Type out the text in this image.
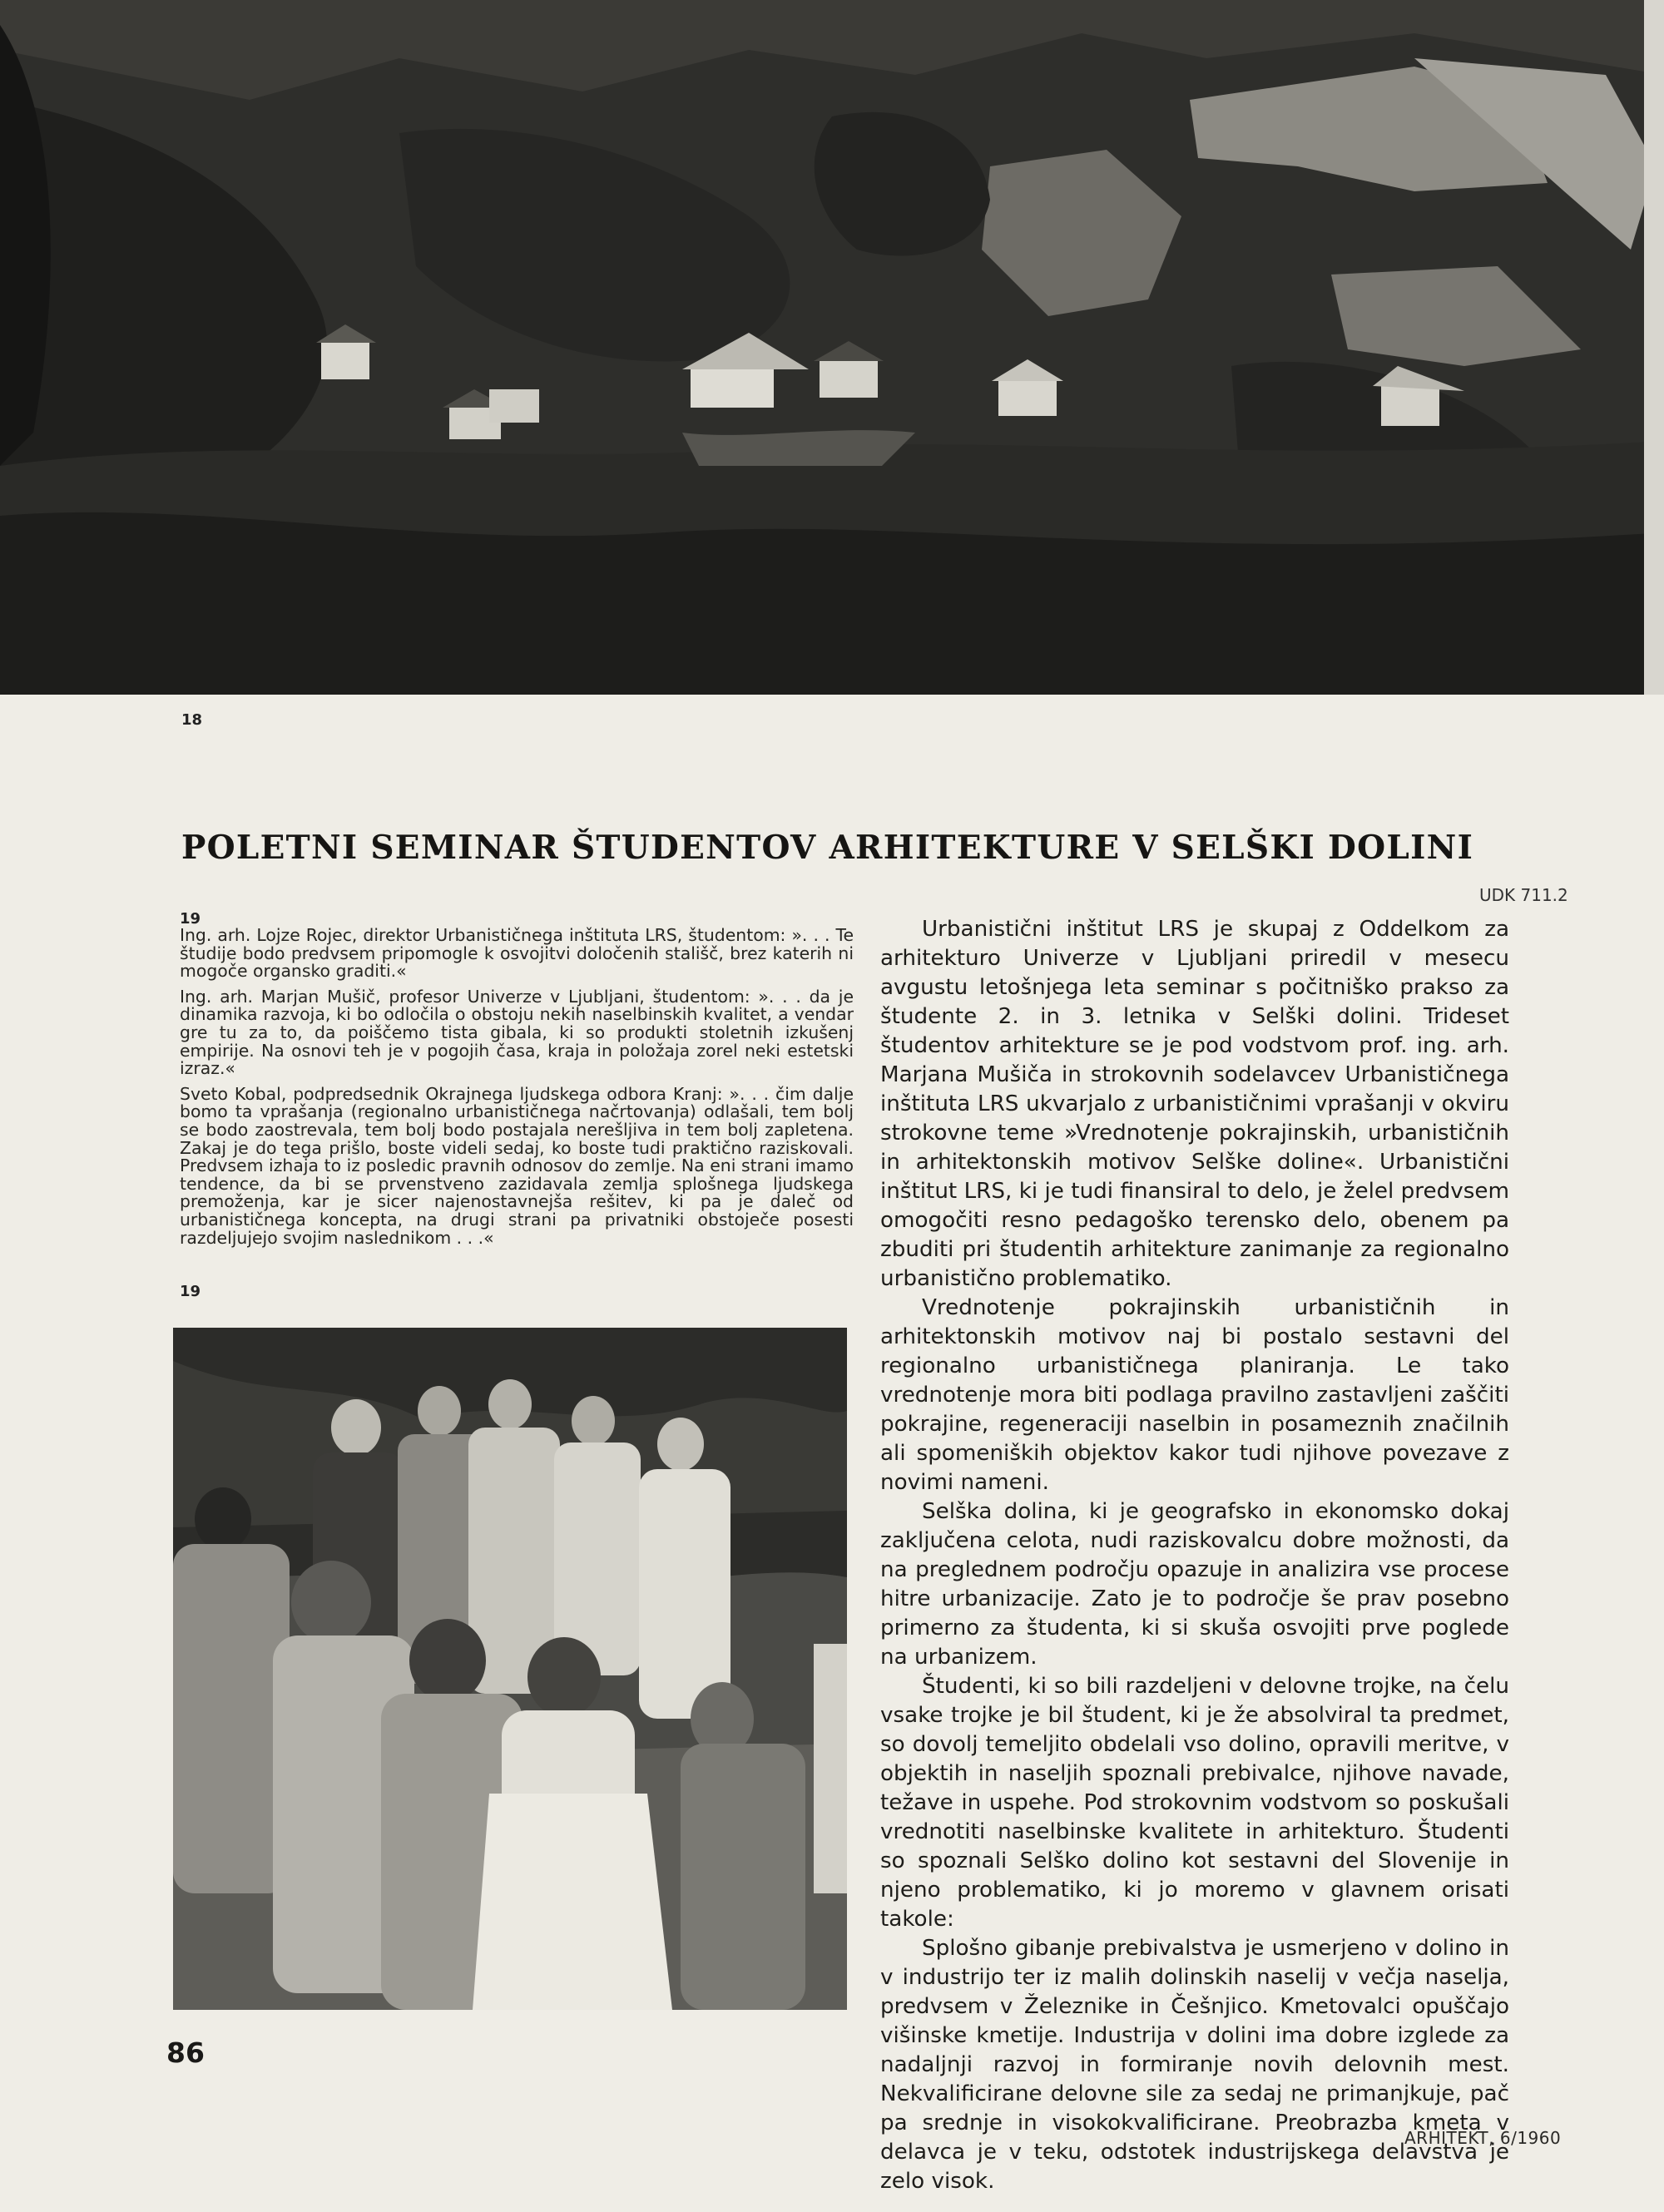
18
POLETNI SEMINAR ŠTUDENTOV ARHITEKTURE V SELŠKI DOLINI
UDK 711.2
19

Ing. arh. Lojze Rojec, direktor Urbanističnega inštituta LRS, študentom: ». . . Te študije bodo predvsem pripomogle k osvojitvi določenih stališč, brez katerih ni mogoče organsko graditi.«

Ing. arh. Marjan Mušič, profesor Univerze v Ljubljani, študentom: ». . . da je dinamika razvoja, ki bo odločila o obstoju nekih naselbinskih kvalitet, a vendar gre tu za to, da poiščemo tista gibala, ki so produkti stoletnih izkušenj empirije. Na osnovi teh je v pogojih časa, kraja in položaja zorel neki estetski izraz.«

Sveto Kobal, podpredsednik Okrajnega ljudskega odbora Kranj: ». . . čim dalje bomo ta vprašanja (regionalno urbanističnega načrtovanja) odlašali, tem bolj se bodo zaostrevala, tem bolj bodo postajala nerešljiva in tem bolj zapletena. Zakaj je do tega prišlo, boste videli sedaj, ko boste tudi praktično raziskovali. Predvsem izhaja to iz posledic pravnih odnosov do zemlje. Na eni strani imamo tendence, da bi se prvenstveno zazidavala zemlja splošnega ljudskega premoženja, kar je sicer najenostavnejša rešitev, ki pa je daleč od urbanističnega koncepta, na drugi strani pa privatniki obstoječe posesti razdeljujejo svojim naslednikom . . .«

19

Urbanistični inštitut LRS je skupaj z Oddelkom za arhitekturo Univerze v Ljubljani priredil v mesecu avgustu letošnjega leta seminar s počitniško prakso za študente 2. in 3. letnika v Selški dolini. Trideset študentov arhitekture se je pod vodstvom prof. ing. arh. Marjana Mušiča in strokovnih sodelavcev Urbanističnega inštituta LRS ukvarjalo z urbanističnimi vprašanji v okviru strokovne teme »Vrednotenje pokrajinskih, urbanističnih in arhitektonskih motivov Selške doline«. Urbanistični inštitut LRS, ki je tudi finansiral to delo, je želel predvsem omogočiti resno pedagoško terensko delo, obenem pa zbuditi pri študentih arhitekture zanimanje za regionalno urbanistično problematiko.

Vrednotenje pokrajinskih urbanističnih in arhitektonskih motivov naj bi postalo sestavni del regionalno urbanističnega planiranja. Le tako vrednotenje mora biti podlaga pravilno zastavljeni zaščiti pokrajine, regeneraciji naselbin in posameznih značilnih ali spomeniških objektov kakor tudi njihove povezave z novimi nameni.

Selška dolina, ki je geografsko in ekonomsko dokaj zaključena celota, nudi raziskovalcu dobre možnosti, da na preglednem področju opazuje in analizira vse procese hitre urbanizacije. Zato je to področje še prav posebno primerno za študenta, ki si skuša osvojiti prve poglede na urbanizem.

Študenti, ki so bili razdeljeni v delovne trojke, na čelu vsake trojke je bil študent, ki je že absolviral ta predmet, so dovolj temeljito obdelali vso dolino, opravili meritve, v objektih in naseljih spoznali prebivalce, njihove navade, težave in uspehe. Pod strokovnim vodstvom so poskušali vrednotiti naselbinske kvalitete in arhitekturo. Študenti so spoznali Selško dolino kot sestavni del Slovenije in njeno problematiko, ki jo moremo v glavnem orisati takole:

Splošno gibanje prebivalstva je usmerjeno v dolino in v industrijo ter iz malih dolinskih naselij v večja naselja, predvsem v Železnike in Češnjico. Kmetovalci opuščajo višinske kmetije. Industrija v dolini ima dobre izglede za nadaljnji razvoj in formiranje novih delovnih mest. Nekvalificirane delovne sile za sedaj ne primanjkuje, pač pa srednje in visokokvalificirane. Preobrazba kmeta v delavca je v teku, odstotek industrijskega delavstva je zelo visok.

86
ARHITEKT, 6/1960
